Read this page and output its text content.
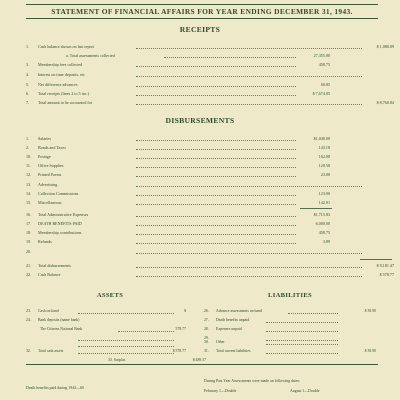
STATEMENT OF FINANCIAL AFFAIRS FOR YEAR ENDING DECEMBER 31, 1943.
RECEIPTS
1.	Cash balance shown on last report	$ 1,080.09
a. Total assessments collected	27,355.00
3.	Membership fees collected	458.75
4.	Interest on time deposits, etc
5.	Net difference advances	60.85
6.	Total receipts (lines 2 to 5 inc.)	$ 7,674.05
7.	Total amount to be accounted for	$ 8,760.84
DISBURSEMENTS
1.	Salaries	$1,040.00
2.	Bonds and Taxes	143.18
10.	Postage	162.08
11.	Office Supplies	120.58
12.	Printed Forms	23.00
13.	Advertising
14.	Collection Commissions	123.00
15.	Miscellaneous	142.01
16.	Total Administrative Expenses	$1,715.83
17.	DEATH BENEFITS PAID	6,000.00
18.	Membership contributions	458.75
19.	Refunds	3.89
20.
21.	Total disbursements	$ 8,181.47
22.	Cash Balance	$ 578.77
ASSETS	LIABILITIES
23.	Cash on hand	$
24.	Bank deposits (name bank)
The Citizens National Bank	578.77
32.	Total cash assets	$ 578.77
33. Surplus	$ 489.37
26.	Advance assessments on hand	$ 39.90
27.	Death benefits unpaid
28.	Expenses unpaid
29.
30.	Other
31.	Total current liabilities	$ 39.90
Death benefits paid during 1943—60
During Past Year Assessments were made on following dates:
February 1—Double	August 1—Double
